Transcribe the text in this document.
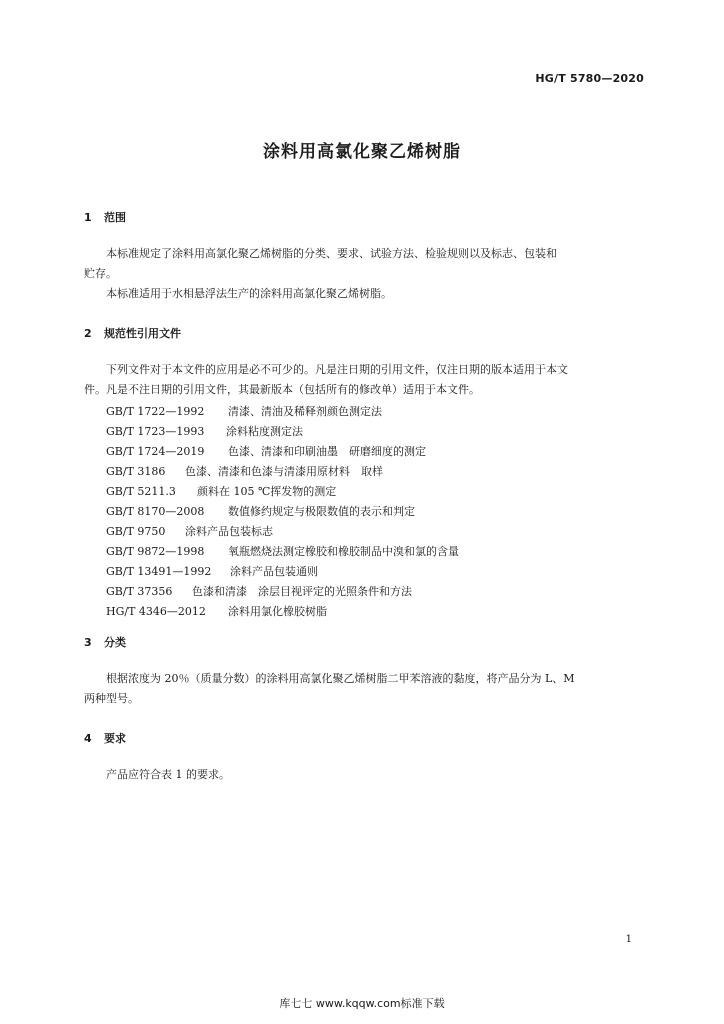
HG/T 5780—2020
涂料用高氯化聚乙烯树脂
1 范围
本标准规定了涂料用高氯化聚乙烯树脂的分类、要求、试验方法、检验规则以及标志、包装和
贮存。
本标准适用于水相悬浮法生产的涂料用高氯化聚乙烯树脂。
2 规范性引用文件
下列文件对于本文件的应用是必不可少的。凡是注日期的引用文件，仅注日期的版本适用于本文
件。凡是不注日期的引用文件，其最新版本（包括所有的修改单）适用于本文件。
GB/T 1722—1992 清漆、清油及稀释剂颜色测定法
GB/T 1723—1993 涂料粘度测定法
GB/T 1724—2019 色漆、清漆和印刷油墨　研磨细度的测定
GB/T 3186 色漆、清漆和色漆与清漆用原材料　取样
GB/T 5211.3 颜料在 105 ℃挥发物的测定
GB/T 8170—2008 数值修约规定与极限数值的表示和判定
GB/T 9750 涂料产品包装标志
GB/T 9872—1998 氧瓶燃烧法测定橡胶和橡胶制品中溴和氯的含量
GB/T 13491—1992 涂料产品包装通则
GB/T 37356 色漆和清漆　涂层目视评定的光照条件和方法
HG/T 4346—2012 涂料用氯化橡胶树脂
3 分类
根据浓度为 20％（质量分数）的涂料用高氯化聚乙烯树脂二甲苯溶液的黏度，将产品分为 L、M
两种型号。
4 要求
产品应符合表 1 的要求。
1
库七七 www.kqqw.com标准下载
